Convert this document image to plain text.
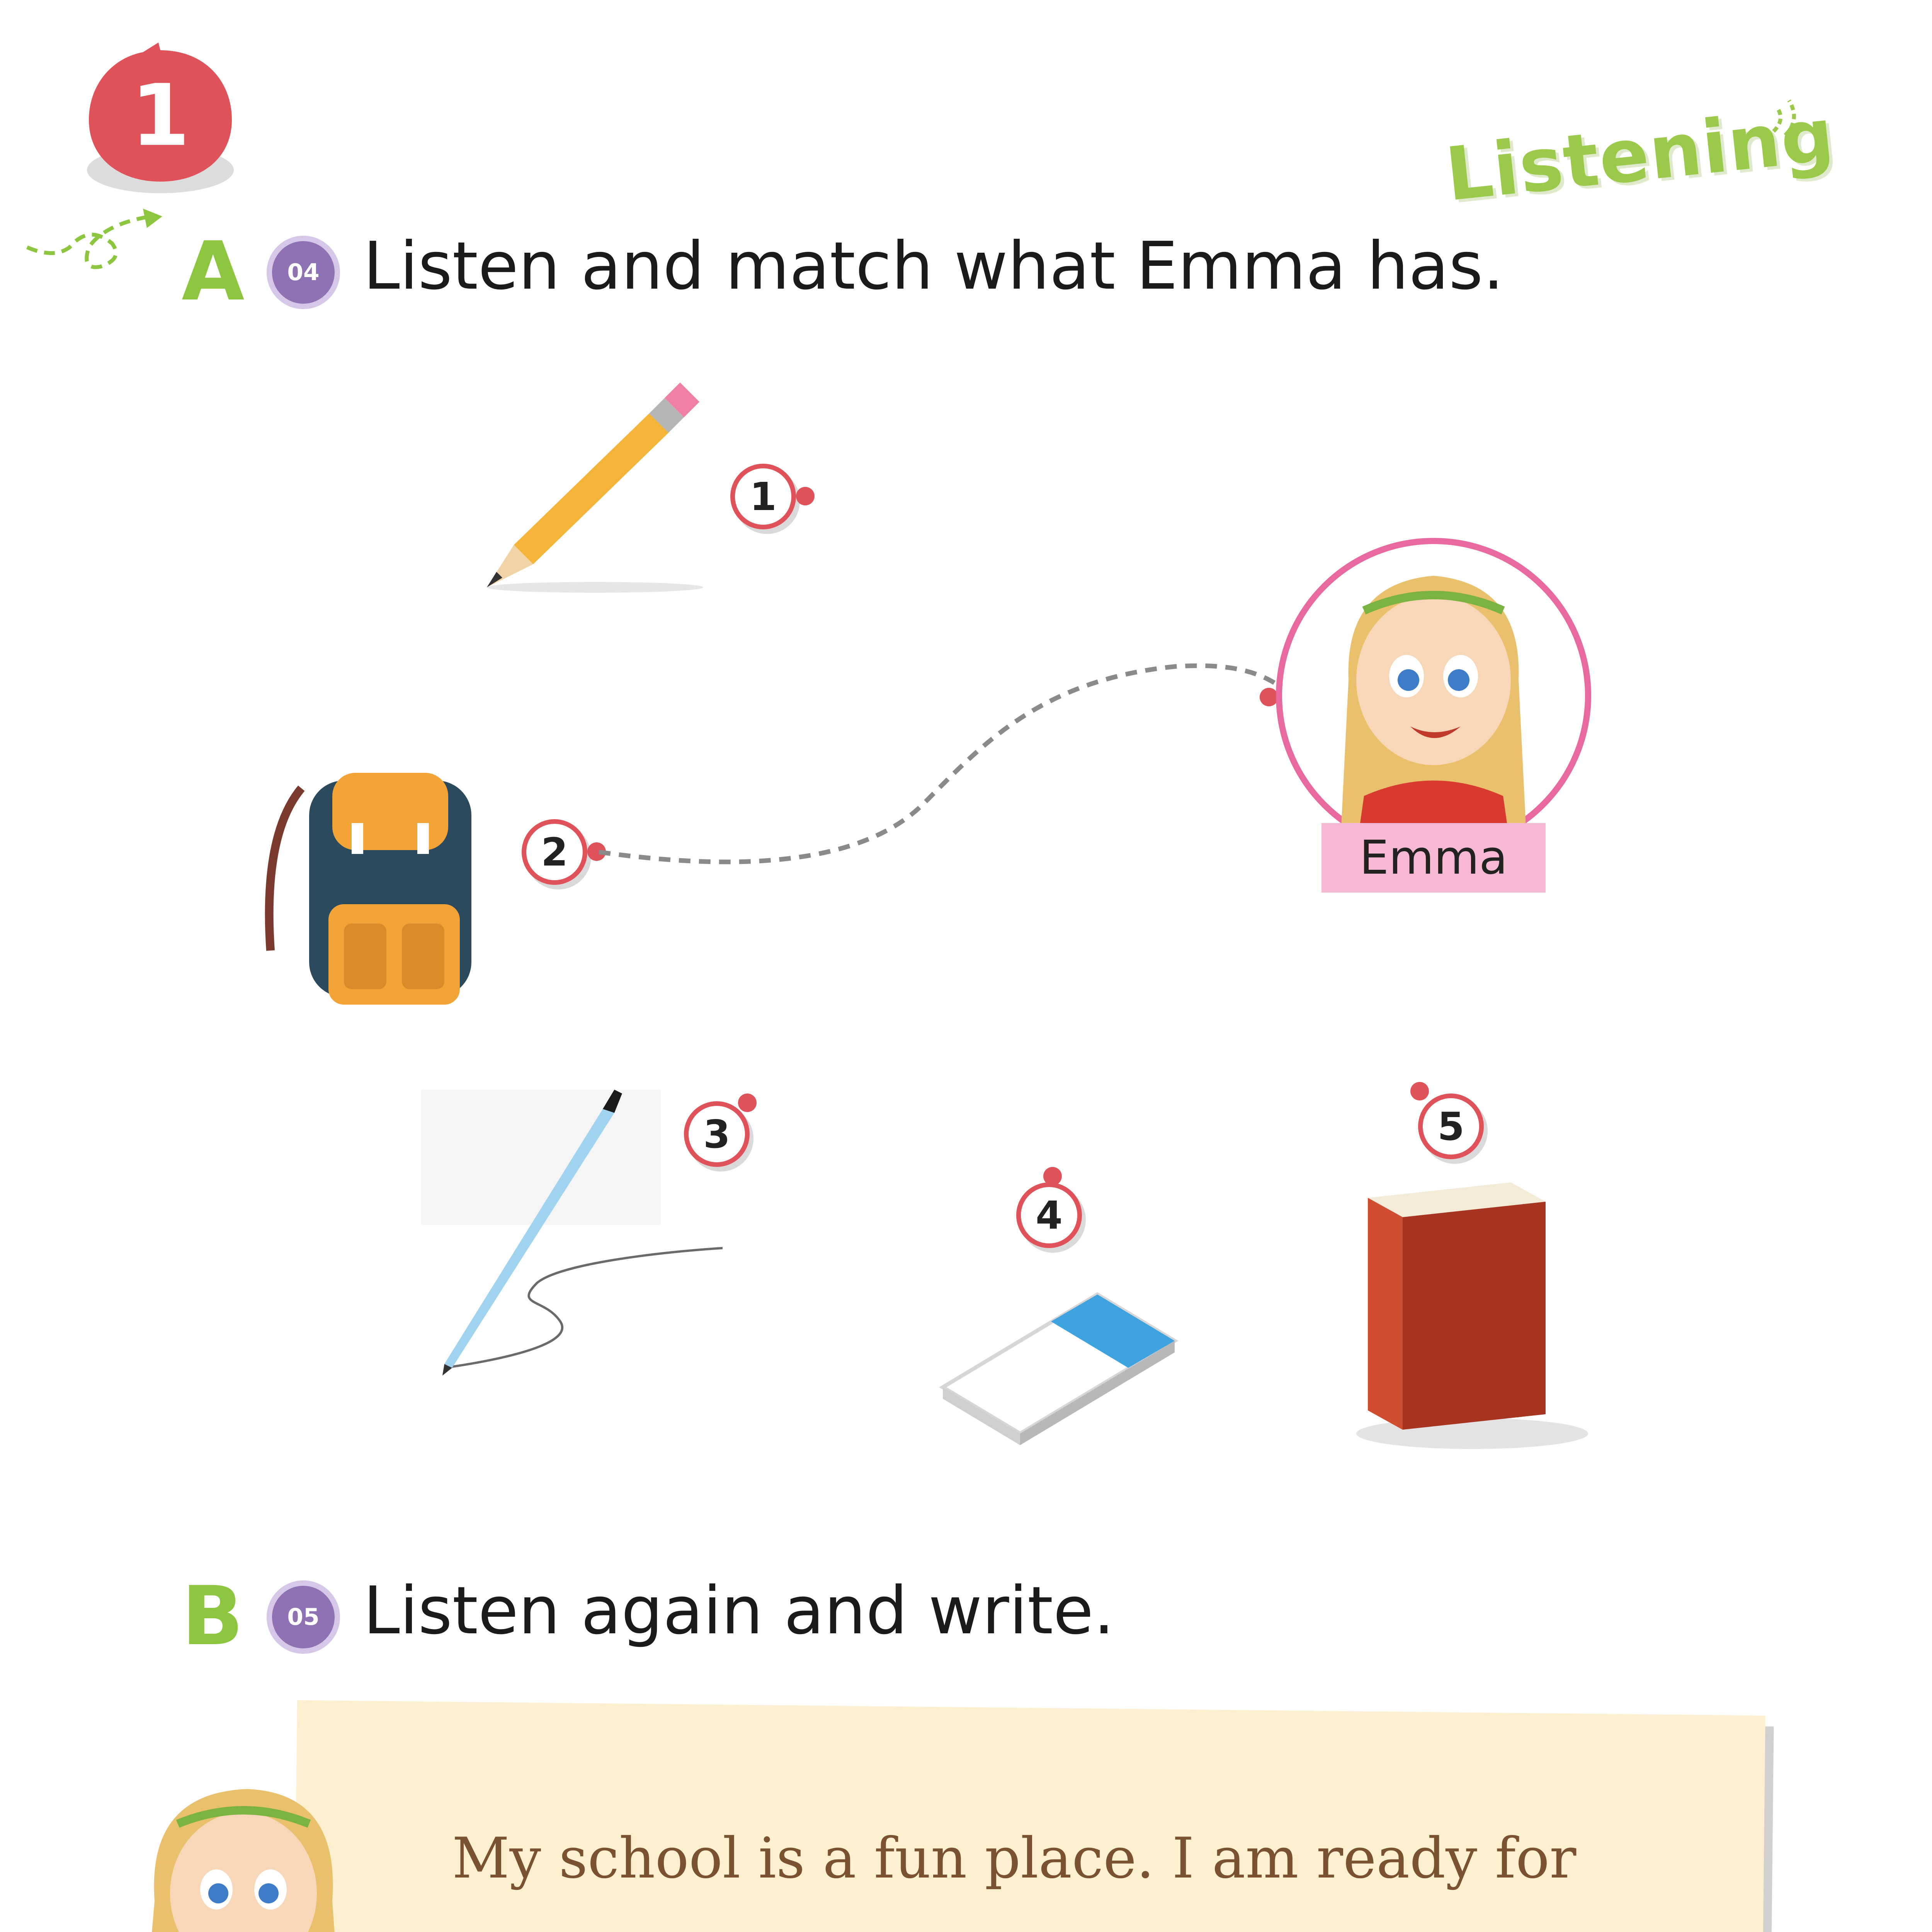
1	Listening
A 04 Listen and match what Emma has.
1
2	Emma
3
4
5
B 05 Listen again and write.
My school is a fun place. I am ready for
